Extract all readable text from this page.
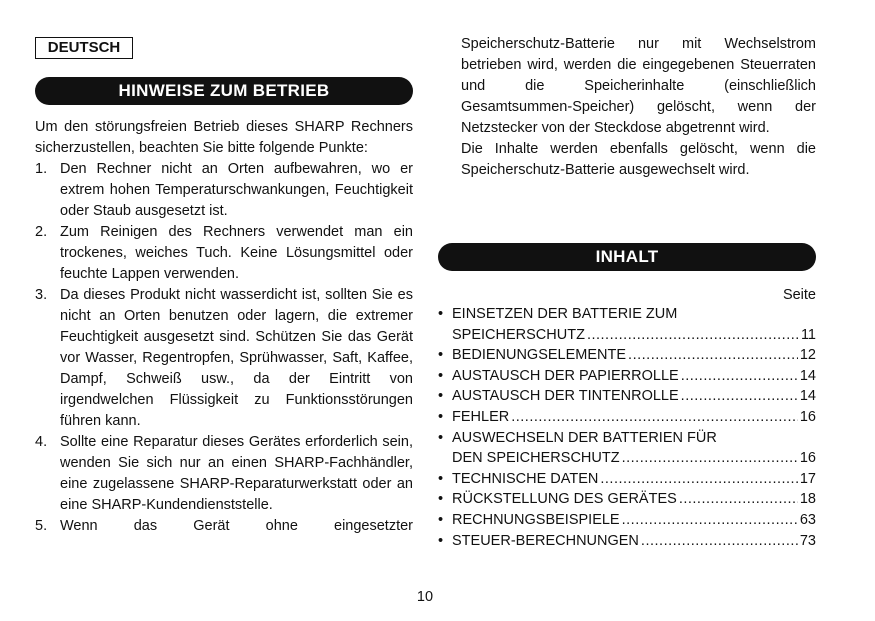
DEUTSCH
HINWEISE ZUM BETRIEB

Um den störungsfreien Betrieb dieses SHARP Rechners sicherzustellen, beachten Sie bitte folgende Punkte:

1. Den Rechner nicht an Orten aufbewahren, wo er extrem hohen Temperaturschwankungen, Feuchtigkeit oder Staub ausgesetzt ist.
2. Zum Reinigen des Rechners verwendet man ein trockenes, weiches Tuch. Keine Lösungsmittel oder feuchte Lappen verwenden.
3. Da dieses Produkt nicht wasserdicht ist, sollten Sie es nicht an Orten benutzen oder lagern, die extremer Feuchtigkeit ausgesetzt sind. Schützen Sie das Gerät vor Wasser, Regentropfen, Sprühwasser, Saft, Kaffee, Dampf, Schweiß usw., da der Eintritt von irgendwelchen Flüssigkeit zu Funktionsstörungen führen kann.
4. Sollte eine Reparatur dieses Gerätes erforderlich sein, wenden Sie sich nur an einen SHARP-Fachhändler, eine zugelassene SHARP-Reparaturwerkstatt oder an eine SHARP-Kundendienststelle.
5. Wenn das Gerät ohne eingesetzter

Speicherschutz-Batterie nur mit Wechselstrom betrieben wird, werden die eingegebenen Steuerraten und die Speicherinhalte (einschließlich Gesamtsummen-Speicher) gelöscht, wenn der Netzstecker von der Steckdose abgetrennt wird.

Die Inhalte werden ebenfalls gelöscht, wenn die Speicherschutz-Batterie ausgewechselt wird.

INHALT
Seite
• EINSETZEN DER BATTERIE ZUM
SPEICHERSCHUTZ .....	11
• BEDIENUNGSELEMENTE .....	12
• AUSTAUSCH DER PAPIERROLLE .....	14
• AUSTAUSCH DER TINTENROLLE .....	14
• FEHLER .....	16
• AUSWECHSELN DER BATTERIEN FÜR
DEN SPEICHERSCHUTZ .....	16
• TECHNISCHE DATEN .....	17
• RÜCKSTELLUNG DES GERÄTES .....	18
• RECHNUNGSBEISPIELE .....	63
• STEUER-BERECHNUNGEN .....	73
10
